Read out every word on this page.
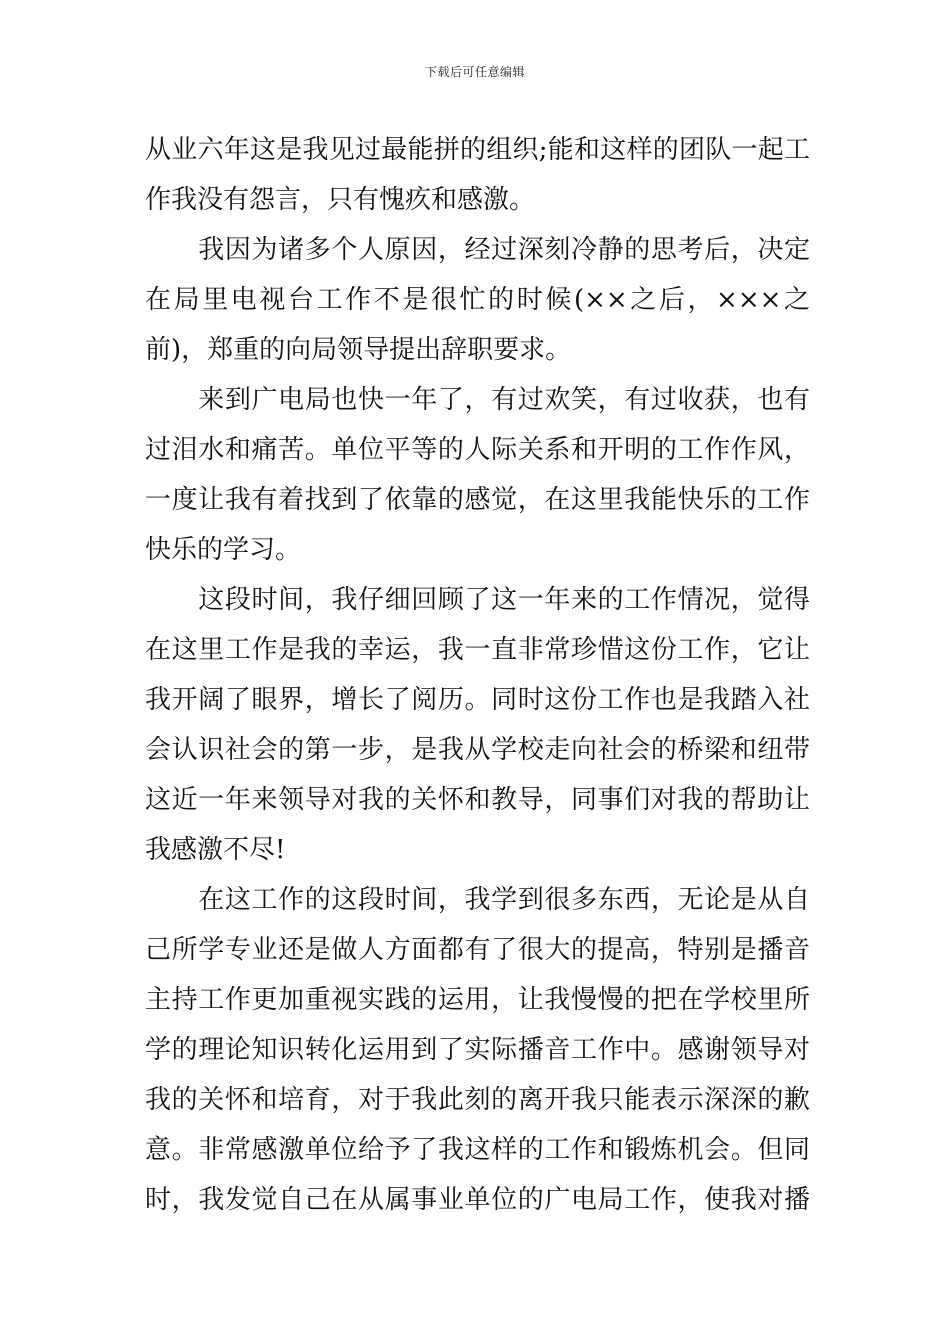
下载后可任意编辑
从业六年这是我见过最能拼的组织;能和这样的团队一起工
作我没有怨言，只有愧疚和感激。
　　我因为诸多个人原因，经过深刻冷静的思考后，决定
在局里电视台工作不是很忙的时候(××之后，×××之
前)，郑重的向局领导提出辞职要求。
　　来到广电局也快一年了，有过欢笑，有过收获，也有
过泪水和痛苦。单位平等的人际关系和开明的工作作风，
一度让我有着找到了依靠的感觉，在这里我能快乐的工作
快乐的学习。
　　这段时间，我仔细回顾了这一年来的工作情况，觉得
在这里工作是我的幸运，我一直非常珍惜这份工作，它让
我开阔了眼界，增长了阅历。同时这份工作也是我踏入社
会认识社会的第一步，是我从学校走向社会的桥梁和纽带
这近一年来领导对我的关怀和教导，同事们对我的帮助让
我感激不尽!
　　在这工作的这段时间，我学到很多东西，无论是从自
己所学专业还是做人方面都有了很大的提高，特别是播音
主持工作更加重视实践的运用，让我慢慢的把在学校里所
学的理论知识转化运用到了实际播音工作中。感谢领导对
我的关怀和培育，对于我此刻的离开我只能表示深深的歉
意。非常感激单位给予了我这样的工作和锻炼机会。但同
时，我发觉自己在从属事业单位的广电局工作，使我对播
